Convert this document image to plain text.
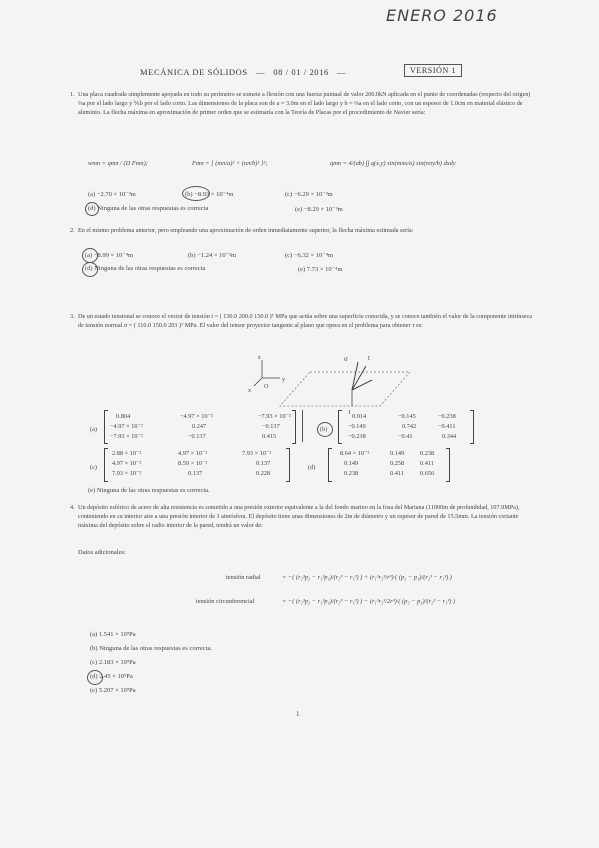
ENERO 2016
MECÁNICA DE SÓLIDOS — 08 / 01 / 2016 —	VERSIÓN 1
1. Una placa cuadrada simplemente apoyada en todo su perímetro se somete a flexión con una fuerza puntual de valor 200.0kN aplicada en el punto de coordenadas (respecto del origen) ⅔a por el lado largo y ⅙b por el lado corto. Las dimensiones de la placa son de a = 3.0m en el lado largo y b = ⅓a en el lado corto, con un espesor de 1.0cm en material elástico de aluminio. La flecha máxima en aproximación de primer orden que se estimaría con la Teoría de Placas por el procedimiento de Navier sería:
wmn = qmn / (D Fmn);	Fmn = [ (mπ/a)² + (nπ/b)² ]²;	qmn = 4/(ab) ∫∫ q(x,y) sin(mπx/a) sin(nπy/b) dxdy
(a) −2.70 × 10⁻³m	(b) −8.93 × 10⁻⁴m	(c) −6.29 × 10⁻³m
(d) Ninguna de las otras respuestas es correcta	(e) −8.29 × 10⁻³m
2. En el mismo problema anterior, pero empleando una aproximación de orden inmediatamente superior, la flecha máxima estimada sería:
(a) −8.99 × 10⁻⁴m	(b) −1.24 × 10⁻³m	(c) −6.32 × 10⁻⁴m
(d) Ninguna de las otras respuestas es correcta	(e) 7.73 × 10⁻⁴m
3. De un estado tensional se conoce el vector de tensión t = ( 130.0 200.0 150.0 )ᵀ MPa que actúa sobre una superficie conocida, y se conoce también el valor de la componente intrínseca de tensión normal σ = ( 110.0 150.0 203 )ᵀ MPa. El valor del tensor proyector tangente al plano que opera en el problema para obtener τ es:
σ	t
τ
z
y
x
O
(a)
0.804	−4.97 × 10⁻²	−7.93 × 10⁻²
−4.97 × 10⁻²	0.247	−0.137
−7.93 × 10⁻²	−0.137	0.415
(b)
0.914	−0.145	−0.238
−0.149	0.742	−0.411
−0.238	−0.41	0.344
(c)
2.88 × 10⁻²	4.97 × 10⁻²	7.93 × 10⁻²
4.97 × 10⁻²	8.59 × 10⁻²	0.137
7.93 × 10⁻²	0.137	0.228
(d)
8.64 × 10⁻²	0.149	0.238
0.149	0.258	0.411
0.238	0.411	0.656
(e) Ninguna de las otras respuestas es correcta.
4. Un depósito esférico de acero de alta resistencia es sometido a una presión exterior equivalente a la del fondo marino en la fosa del Mariana (11000m de profundidad, 107.9MPa), conteniendo en su interior aire a una presión interior de 1 atmósfera. El depósito tiene unas dimensiones de 2m de diámetro y un espesor de pared de 15.5mm. La tensión cortante máxima del depósito sobre el radio interior de la pared, tendrá un valor de:
Datos adicionales:
tensión radial	= −( (r₂³p₂ − r₁³p₁)/(r₂³ − r₁³) ) + (r₁³r₂³/r³)·( (p₂ − p₁)/(r₂³ − r₁³) )
tensión circunferencial	= −( (r₂³p₂ − r₁³p₁)/(r₂³ − r₁³) ) − (r₁³r₂³/2r³)·( (p₂ − p₁)/(r₂³ − r₁³) )
(a) 1.541 × 10⁹Pa
(b) Ninguna de las otras respuestas es correcta.
(c) 2.183 × 10⁹Pa
(d) 2.45 × 10⁹Pa
(e) 5.207 × 10⁹Pa
1
